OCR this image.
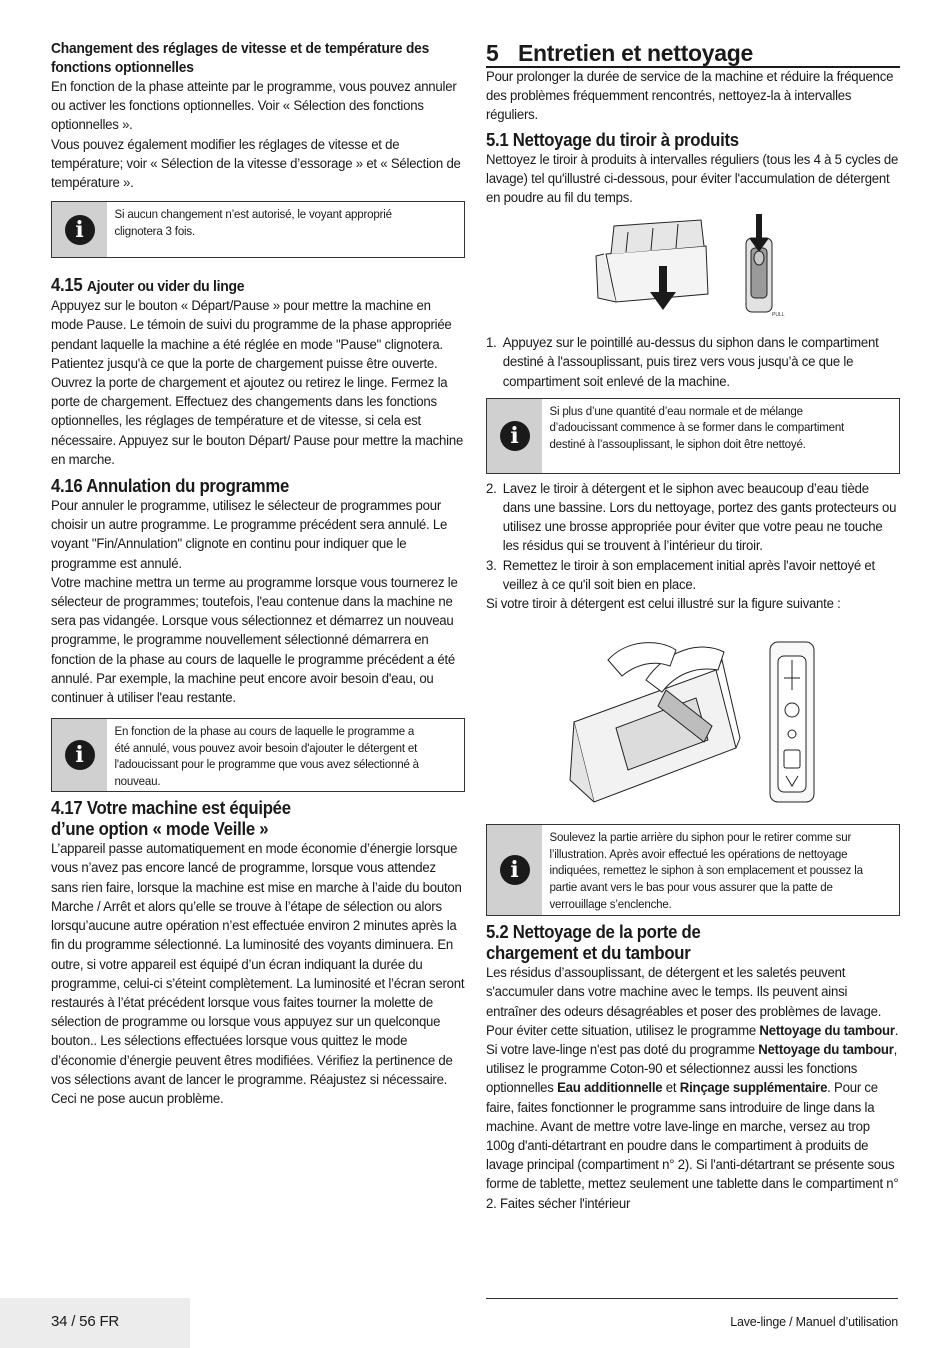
Changement des réglages de vitesse et de température des fonctions optionnelles

En fonction de la phase atteinte par le programme, vous pouvez annuler ou activer les fonctions optionnelles. Voir « Sélection des fonctions optionnelles ».

Vous pouvez également modifier les réglages de vitesse et de température; voir « Sélection de la vitesse d’essorage » et « Sélection de température ».

i
Si aucun changement n’est autorisé, le voyant approprié clignotera 3 fois.
4.15 Ajouter ou vider du linge

Appuyez sur le bouton « Départ/Pause » pour mettre la machine en mode Pause. Le témoin de suivi du programme de la phase appropriée pendant laquelle la machine a été réglée en mode "Pause" clignotera. Patientez jusqu'à ce que la porte de chargement puisse être ouverte. Ouvrez la porte de chargement et ajoutez ou retirez le linge. Fermez la porte de chargement. Effectuez des changements dans les fonctions optionnelles, les réglages de température et de vitesse, si cela est nécessaire. Appuyez sur le bouton Départ/ Pause pour mettre la machine en marche.

4.16 Annulation du programme

Pour annuler le programme, utilisez le sélecteur de programmes pour choisir un autre programme. Le programme précédent sera annulé. Le voyant "Fin/Annulation" clignote en continu pour indiquer que le programme est annulé.

Votre machine mettra un terme au programme lorsque vous tournerez le sélecteur de programmes; toutefois, l'eau contenue dans la machine ne sera pas vidangée. Lorsque vous sélectionnez et démarrez un nouveau programme, le programme nouvellement sélectionné démarrera en fonction de la phase au cours de laquelle le programme précédent a été annulé. Par exemple, la machine peut encore avoir besoin d'eau, ou continuer à utiliser l'eau restante.

i
En fonction de la phase au cours de laquelle le programme a été annulé, vous pouvez avoir besoin d'ajouter le détergent et l'adoucissant pour le programme que vous avez sélectionné à nouveau.
4.17 Votre machine est équipée
d’une option « mode Veille »

L’appareil passe automatiquement en mode économie d’énergie lorsque vous n’avez pas encore lancé de programme, lorsque vous attendez sans rien faire, lorsque la machine est mise en marche à l’aide du bouton Marche / Arrêt et alors qu’elle se trouve à l’étape de sélection ou alors lorsqu’aucune autre opération n’est effectuée environ 2 minutes après la fin du programme sélectionné. La luminosité des voyants diminuera. En outre, si votre appareil est équipé d’un écran indiquant la durée du programme, celui-ci s’éteint complètement. La luminosité et l’écran seront restaurés à l’état précédent lorsque vous faites tourner la molette de sélection de programme ou lorsque vous appuyez sur un quelconque bouton.. Les sélections effectuées lorsque vous quittez le mode d’économie d’énergie peuvent êtres modifiées. Vérifiez la pertinence de vos sélections avant de lancer le programme. Réajustez si nécessaire. Ceci ne pose aucun problème.

5 Entretien et nettoyage

Pour prolonger la durée de service de la machine et réduire la fréquence des problèmes fréquemment rencontrés, nettoyez-la à intervalles réguliers.

5.1 Nettoyage du tiroir à produits

Nettoyez le tiroir à produits à intervalles réguliers (tous les 4 à 5 cycles de lavage) tel qu'illustré ci-dessous, pour éviter l'accumulation de détergent en poudre au fil du temps.

PULL
1. Appuyez sur le pointillé au-dessus du siphon dans le compartiment destiné à l'assouplissant, puis tirez vers vous jusqu’à ce que le compartiment soit enlevé de la machine.
i
Si plus d’une quantité d’eau normale et de mélange d’adoucissant commence à se former dans le compartiment destiné à l’assouplissant, le siphon doit être nettoyé.
2. Lavez le tiroir à détergent et le siphon avec beaucoup d’eau tiède dans une bassine. Lors du nettoyage, portez des gants protecteurs ou utilisez une brosse appropriée pour éviter que votre peau ne touche les résidus qui se trouvent à l’intérieur du tiroir.
3. Remettez le tiroir à son emplacement initial après l'avoir nettoyé et veillez à ce qu'il soit bien en place.

Si votre tiroir à détergent est celui illustré sur la figure suivante :

i
Soulevez la partie arrière du siphon pour le retirer comme sur l’illustration. Après avoir effectué les opérations de nettoyage indiquées, remettez le siphon à son emplacement et poussez la partie avant vers le bas pour vous assurer que la patte de verrouillage s’enclenche.
5.2 Nettoyage de la porte de
chargement et du tambour

Les résidus d’assouplissant, de détergent et les saletés peuvent s'accumuler dans votre machine avec le temps. Ils peuvent ainsi entraîner des odeurs désagréables et poser des problèmes de lavage. Pour éviter cette situation, utilisez le programme Nettoyage du tambour. Si votre lave-linge n'est pas doté du programme Nettoyage du tambour, utilisez le programme Coton-90 et sélectionnez aussi les fonctions optionnelles Eau additionnelle et Rinçage supplémentaire. Pour ce faire, faites fonctionner le programme sans introduire de linge dans la machine. Avant de mettre votre lave-linge en marche, versez au trop 100g d'anti-détartrant en poudre dans le compartiment à produits de lavage principal (compartiment n° 2). Si l'anti-détartrant se présente sous forme de tablette, mettez seulement une tablette dans le compartiment n° 2. Faites sécher l'intérieur

34 / 56 FR	Lave-linge / Manuel d’utilisation
